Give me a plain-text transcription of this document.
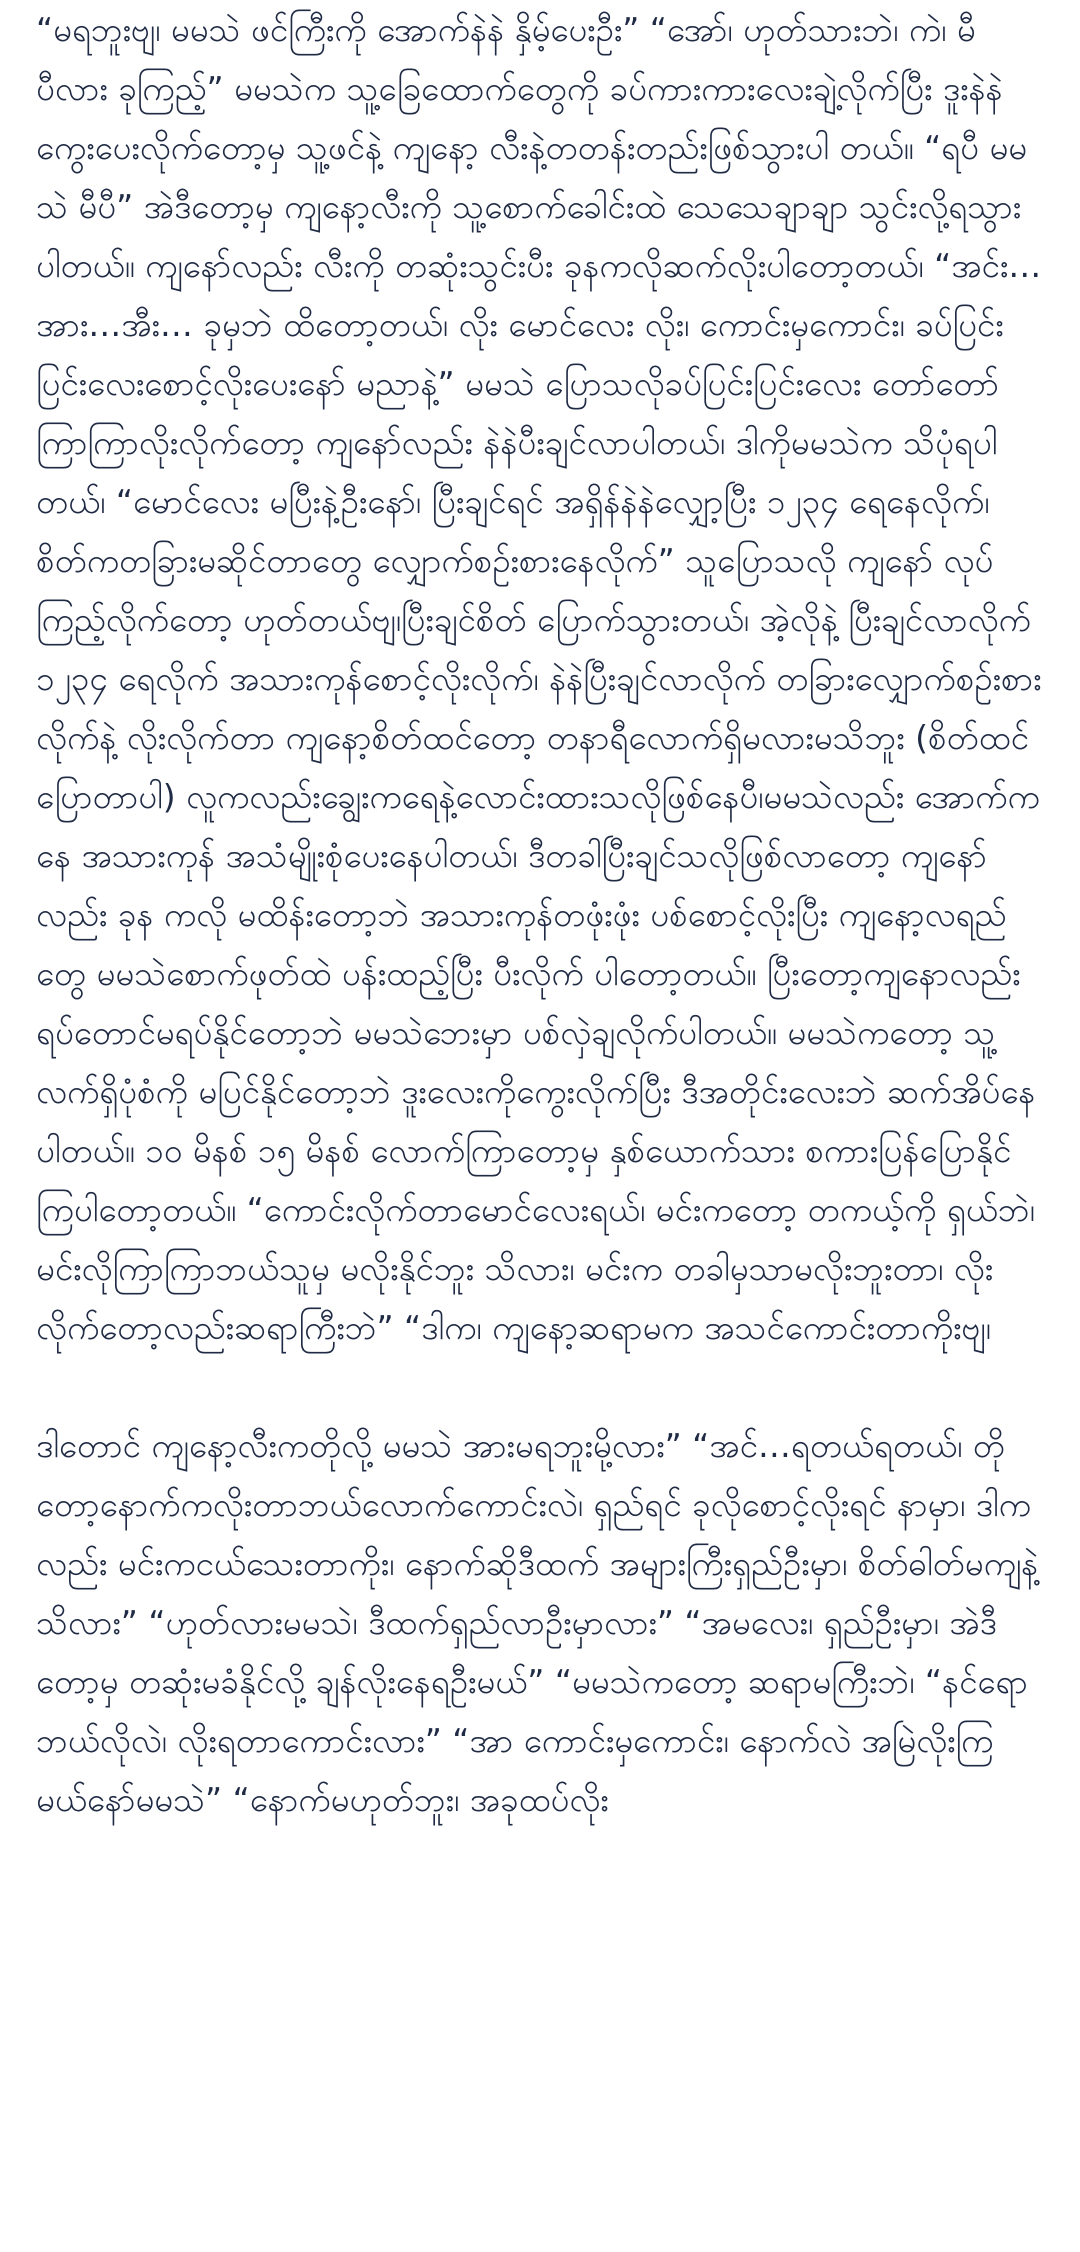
“မရဘူးဗျ၊ မမသဲ ဖင်ကြီးကို အောက်နဲနဲ နှိမ့်ပေးဦး” “အော်၊ ဟုတ်သားဘဲ၊ ကဲ၊ မီပီလား ခုကြည့်” မမသဲက သူ့ခြေထောက်တွေကို ခပ်ကားကားလေးချဲ့လိုက်ပြီး ဒူးနဲနဲကွေးပေးလိုက်တော့မှ သူ့ဖင်နဲ့ ကျနော့ လီးနဲ့တတန်းတည်းဖြစ်သွားပါ တယ်။ “ရပီ မမသဲ မီပီ” အဲဒီတော့မှ ကျနော့လီးကို သူ့စောက်ခေါင်းထဲ သေသေချာချာ သွင်းလို့ရသွားပါတယ်။ ကျနော်လည်း လီးကို တဆုံးသွင်းပီး ခုနကလိုဆက်လိုးပါတော့တယ်၊ “အင်း…အား…အီး… ခုမှဘဲ ထိတော့တယ်၊ လိုး မောင်လေး လိုး၊ ကောင်းမှကောင်း၊ ခပ်ပြင်းပြင်းလေးစောင့်လိုးပေးနော် မညာနဲ့” မမသဲ ပြောသလိုခပ်ပြင်းပြင်းလေး တော်တော်ကြာကြာလိုးလိုက်တော့ ကျနော်လည်း နဲနဲပီးချင်လာပါတယ်၊ ဒါကိုမမသဲက သိပုံရပါတယ်၊ “မောင်လေး မပြီးနဲ့ဦးနော်၊ ပြီးချင်ရင် အရှိန်နဲနဲလျှော့ပြီး ၁၂၃၄ ရေနေလိုက်၊ စိတ်ကတခြားမဆိုင်တာတွေ လျှောက်စဉ်းစားနေလိုက်” သူပြောသလို ကျနော် လုပ်ကြည့်လိုက်တော့ ဟုတ်တယ်ဗျ၊ပြီးချင်စိတ် ပြောက်သွားတယ်၊ အဲ့လိုနဲ့ ပြီးချင်လာလိုက် ၁၂၃၄ ရေလိုက် အသားကုန်စောင့်လိုးလိုက်၊ နဲနဲပြီးချင်လာလိုက် တခြားလျှောက်စဉ်းစားလိုက်နဲ့ လိုးလိုက်တာ ကျနော့စိတ်ထင်တော့ တနာရီလောက်ရှိမလားမသိဘူး (စိတ်ထင်ပြောတာပါ) လူကလည်းချွေးကရေနဲ့လောင်းထားသလိုဖြစ်နေပီ၊မမသဲလည်း အောက်ကနေ အသားကုန် အသံမျိုးစုံပေးနေပါတယ်၊ ဒီတခါပြီးချင်သလိုဖြစ်လာတော့ ကျနော်လည်း ခုန ကလို မထိန်းတော့ဘဲ အသားကုန်တဖုံးဖုံး ပစ်စောင့်လိုးပြီး ကျနော့လရည်တွေ မမသဲစောက်ဖုတ်ထဲ ပန်းထည့်ပြီး ပီးလိုက် ပါတော့တယ်။ ပြီးတော့ကျနောလည်းရပ်တောင်မရပ်နိုင်တော့ဘဲ မမသဲဘေးမှာ ပစ်လှဲချလိုက်ပါတယ်။ မမသဲကတော့ သူ့လက်ရှိပုံစံကို မပြင်နိုင်တော့ဘဲ ဒူးလေးကိုကွေးလိုက်ပြီး ဒီအတိုင်းလေးဘဲ ဆက်အိပ်နေပါတယ်။ ၁၀ မိနစ် ၁၅ မိနစ် လောက်ကြာတော့မှ နှစ်ယောက်သား စကားပြန်ပြောနိုင်ကြပါတော့တယ်။ “ကောင်းလိုက်တာမောင်လေးရယ်၊ မင်းကတော့ တကယ့်ကို ရှယ်ဘဲ၊ မင်းလိုကြာကြာဘယ်သူမှ မလိုးနိုင်ဘူး သိလား၊ မင်းက တခါမှသာမလိုးဘူးတာ၊ လိုးလိုက်တော့လည်းဆရာကြီးဘဲ” “ဒါက၊ ကျနော့ဆရာမက အသင်ကောင်းတာကိုးဗျ၊

ဒါတောင် ကျနော့လီးကတိုလို့ မမသဲ အားမရဘူးမို့လား” “အင်…ရတယ်ရတယ်၊ တိုတော့နောက်ကလိုးတာဘယ်လောက်ကောင်းလဲ၊ ရှည်ရင် ခုလိုစောင့်လိုးရင် နာမှာ၊ ဒါကလည်း မင်းကငယ်သေးတာကိုး၊ နောက်ဆိုဒီထက် အများကြီးရှည်ဦးမှာ၊ စိတ်ဓါတ်မကျနဲ့ သိလား” “ဟုတ်လားမမသဲ၊ ဒီထက်ရှည်လာဦးမှာလား” “အမလေး၊ ရှည်ဦးမှာ၊ အဲဒီတော့မှ တဆုံးမခံနိုင်လို့ ချန်လိုးနေရဦးမယ်” “မမသဲကတော့ ဆရာမကြီးဘဲ၊ “နင်ရော ဘယ်လိုလဲ၊ လိုးရတာကောင်းလား” “အာ ကောင်းမှကောင်း၊ နောက်လဲ အမြဲလိုးကြမယ်နော်မမသဲ” “နောက်မဟုတ်ဘူး၊ အခုထပ်လိုး
